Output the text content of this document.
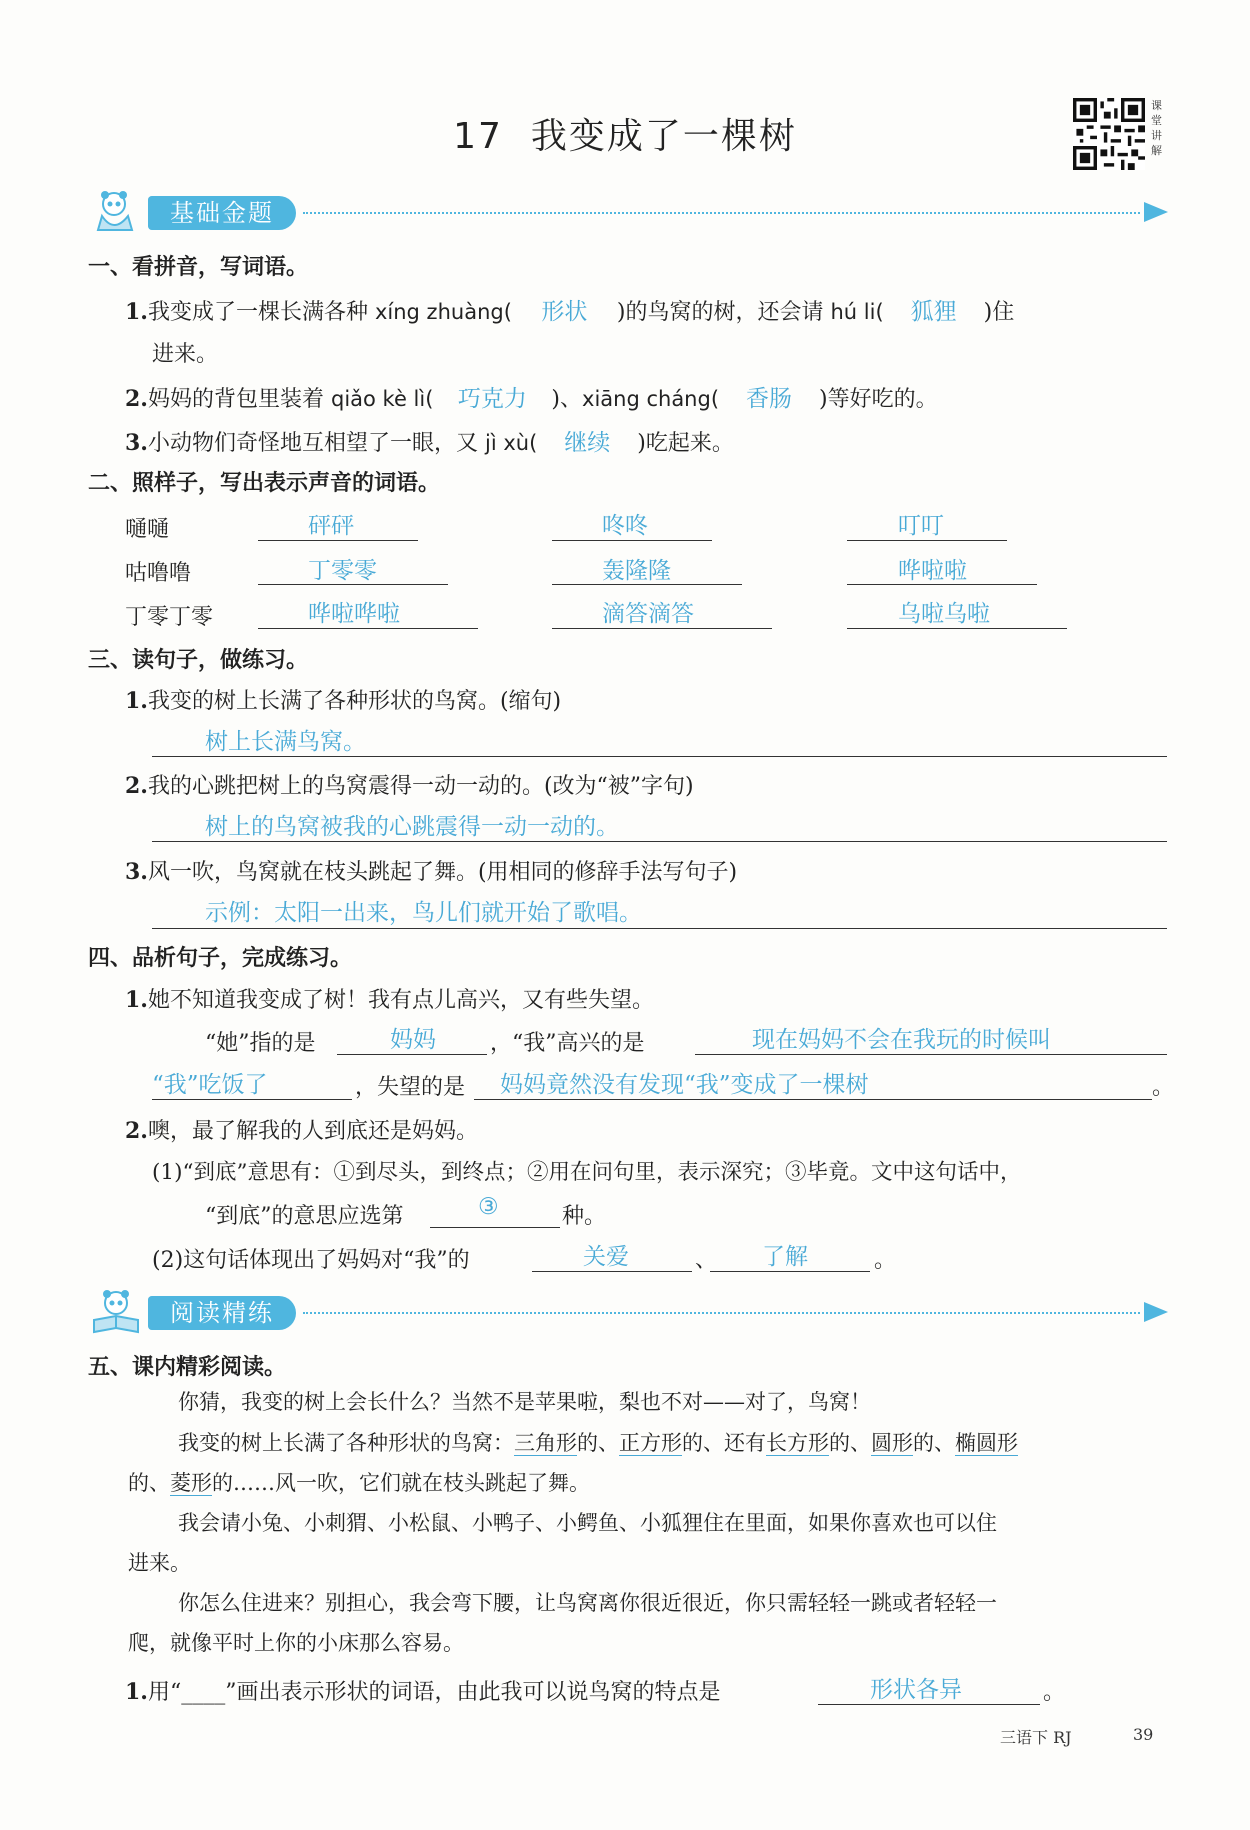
17 我变成了一棵树
课堂讲解
基础金题
一、看拼音，写词语。
1.我变成了一棵长满各种 xíng zhuàng( 形状 )的鸟窝的树，还会请 hú li( 狐狸 )住
进来。
2.妈妈的背包里装着 qiǎo kè lì( 巧克力 )、xiāng cháng( 香肠 )等好吃的。
3.小动物们奇怪地互相望了一眼，又 jì xù( 继续 )吃起来。
二、照样子，写出表示声音的词语。
嗵嗵	砰砰	咚咚	叮叮
咕噜噜	丁零零	轰隆隆	哗啦啦
丁零丁零	哗啦哗啦	滴答滴答	乌啦乌啦
三、读句子，做练习。
1.我变的树上长满了各种形状的鸟窝。(缩句)
树上长满鸟窝。
2.我的心跳把树上的鸟窝震得一动一动的。(改为“被”字句)
树上的鸟窝被我的心跳震得一动一动的。
3.风一吹，鸟窝就在枝头跳起了舞。(用相同的修辞手法写句子)
示例：太阳一出来，鸟儿们就开始了歌唱。
四、品析句子，完成练习。
1.她不知道我变成了树！我有点儿高兴，又有些失望。
“她”指的是	妈妈 ，“我”高兴的是	现在妈妈不会在我玩的时候叫
“我”吃饭了	，失望的是 妈妈竟然没有发现“我”变成了一棵树	。
2.噢，最了解我的人到底还是妈妈。
(1)“到底”意思有：①到尽头，到终点；②用在问句里，表示深究；③毕竟。文中这句话中，
“到底”的意思应选第	③	种。
(2)这句话体现出了妈妈对“我”的	关爱	、 了解	。
阅读精练
五、课内精彩阅读。
你猜，我变的树上会长什么？当然不是苹果啦，梨也不对——对了，鸟窝！
我变的树上长满了各种形状的鸟窝：三角形的、正方形的、还有长方形的、圆形的、椭圆形
的、菱形的……风一吹，它们就在枝头跳起了舞。
我会请小兔、小刺猬、小松鼠、小鸭子、小鳄鱼、小狐狸住在里面，如果你喜欢也可以住
进来。
你怎么住进来？别担心，我会弯下腰，让鸟窝离你很近很近，你只需轻轻一跳或者轻轻一
爬，就像平时上你的小床那么容易。
1.用“____”画出表示形状的词语，由此我可以说鸟窝的特点是	形状各异	。
三语下 RJ	39
